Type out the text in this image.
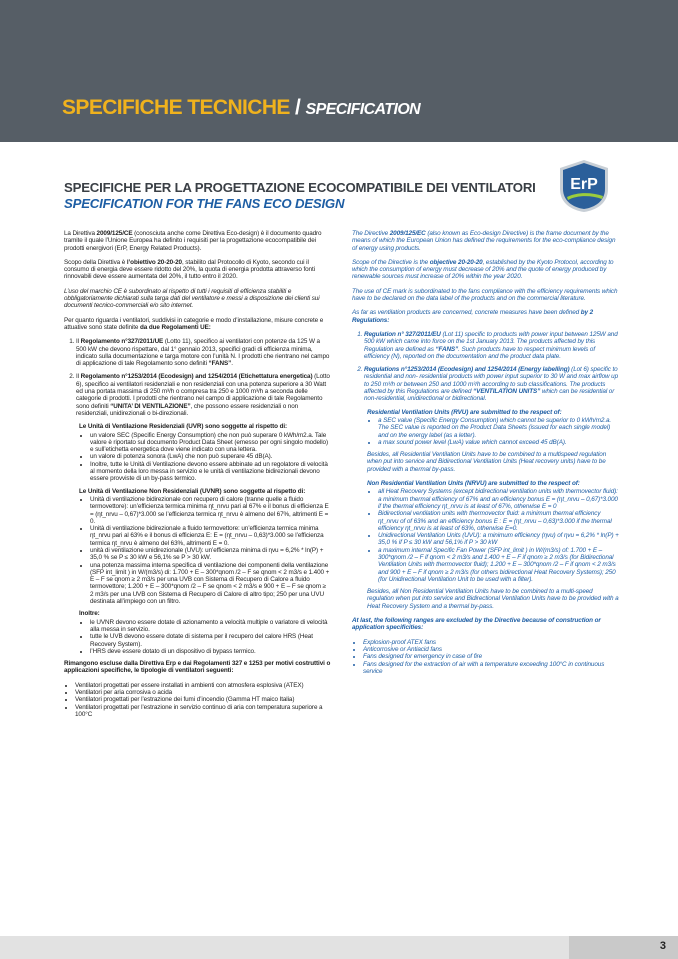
SPECIFICHE TECNICHE / SPECIFICATION
ErP
SPECIFICHE PER LA PROGETTAZIONE ECOCOMPATIBILE DEI VENTILATORI
SPECIFICATION FOR THE FANS ECO DESIGN

La Direttiva 2009/125/CE (conosciuta anche come Direttiva Eco-design) è il documento quadro tramite il quale l’Unione Europea ha definito i requisiti per la progettazione ecocompatibile dei prodotti energivori (ErP, Energy Related Products).

Scopo della Direttiva è l’obiettivo 20-20-20, stabilito dal Protocollo di Kyoto, secondo cui il consumo di energia deve essere ridotto del 20%, la quota di energia prodotta attraverso fonti rinnovabili deve essere aumentata del 20%, il tutto entro il 2020.

L’uso del marchio CE è subordinato al rispetto di tutti i requisiti di efficienza stabiliti e obbligatoriamente dichiarati sulla targa dati del ventilatore e messi a disposizione dei clienti sui documenti tecnico-commerciali e/o sito internet.

Per quanto riguarda i ventilatori, suddivisi in categorie e modo d’installazione, misure concrete e attuative sono state definite da due Regolamenti UE:

1. Il Regolamento n°327/2011/UE (Lotto 11), specifico ai ventilatori con potenze da 125 W a 500 kW che devono rispettare, dal 1° gennaio 2013, specifici gradi di efficienza minima, indicato sulla documentazione e targa motore con l’unità N. I prodotti che rientrano nel campo di applicazione di tale Regolamento sono definiti “FANS”.
2. Il Regolamento n°1253/2014 (Ecodesign) and 1254/2014 (Etichettatura energetica) (Lotto 6), specifico ai ventilatori residenziali e non residenziali con una potenza superiore a 30 Watt ed una portata massima di 250 m³/h o compresa tra 250 e 1000 m³/h a seconda delle categorie di prodotti. I prodotti che rientrano nel campo di applicazione di tale Regolamento sono definiti “UNITA’ DI VENTILAZIONE”, che possono essere residenziali o non residenziali, unidirezionali o bi-direzionali.

Le Unità di Ventilazione Residenziali (UVR) sono soggette al rispetto di:

• un valore SEC (Specific Energy Consumption) che non può superare 0 kWh/m2.a. Tale valore è riportato sul documento Product Data Sheet (emesso per ogni singolo modello) e sull’etichetta energetica dove viene indicato con una lettera.
• un valore di potenza sonora (LwA) che non può superare 45 dB(A).
• Inoltre, tutte le Unità di Ventilazione devono essere abbinate ad un regolatore di velocità al momento della loro messa in servizio e le unità di ventilazione bidirezionali devono essere provviste di un by-pass termico.

Le Unità di Ventilazione Non Residenziali (UVNR) sono soggette al rispetto di:

• Unità di ventilazione bidirezionale con recupero di calore (tranne quelle a fluido termovettore): un’efficienza termica minima ηt_nrvu pari al 67% e il bonus di efficienza E = (ηt_nrvu – 0,67)*3.000 se l’efficienza termica ηt_nrvu è almeno del 67%, altrimenti E = 0.
• Unità di ventilazione bidirezionale a fluido termovettore: un’efficienza termica minima ηt_nrvu pari al 63% e il bonus di efficienza E: E = (ηt_nrvu – 0,63)*3.000 se l’efficienza termica ηt_nrvu è almeno del 63%, altrimenti E = 0.
• unità di ventilazione unidirezionale (UVU): un’efficienza minima di ηvu = 6,2% * ln(P) + 35,0 % se P ≤ 30 kW e 56,1% se P > 30 kW.
• una potenza massima interna specifica di ventilazione dei componenti della ventilazione (SFP int_limit ) in W/(m3/s) di: 1.700 + E – 300*qnom /2 – F se qnom < 2 m3/s e 1.400 + E – F se qnom ≥ 2 m3/s per una UVB con Sistema di Recupero di Calore a fluido termovettore; 1.200 + E – 300*qnom /2 – F se qnom < 2 m3/s e 900 + E – F se qnom ≥ 2 m3/s per una UVB con Sistema di Recupero di Calore di altro tipo; 250 per una UVU destinata all’impiego con un filtro.

Inoltre:

• le UVNR devono essere dotate di azionamento a velocità multiple o variatore di velocità alla messa in servizio.
• tutte le UVB devono essere dotate di sistema per il recupero del calore HRS (Heat Recovery System).
• l’HRS deve essere dotato di un dispositivo di bypass termico.

Rimangono escluse dalla Direttiva Erp e dai Regolamenti 327 e 1253 per motivi costruttivi o applicazioni specifiche, le tipologie di ventilatori seguenti:

• Ventilatori progettati per essere installati in ambienti con atmosfera esplosiva (ATEX)
• Ventilatori per aria corrosiva o acida
• Ventilatori progettati per l’estrazione dei fumi d’incendio (Gamma HT maico Italia)
• Ventilatori progettati per l’estrazione in servizio continuo di aria con temperatura superiore a 100°C

The Directive 2009/125/EC (also known as Eco-design Directive) is the frame document by the means of which the European Union has defined the requirements for the eco-compliance design of energy using products.

Scope of the Directive is the objective 20-20-20, established by the Kyoto Protocol, according to which the consumption of energy must decrease of 20% and the quote of energy produced by renewable sources must increase of 20% within the year 2020.

The use of CE mark is subordinated to the fans compliance with the efficiency requirements which have to be declared on the data label of the products and on the commercial literature.

As far as ventilation products are concerned, concrete measures have been defined by 2 Regulations:

1. Regulation n° 327/2011/EU (Lot 11) specific to products with power input between 125W and 500 kW which came into force on the 1st January 2013. The products affected by this Regulation are defined as “FANS”. Such products have to respect minimum levels of efficiency (N), reported on the documentation and the product data plate.
2. Regulations n°1253/2014 (Ecodesign) and 1254/2014 (Energy labelling) (Lot 6) specific to residential and non- residential products with power input superior to 30 W and max airflow up to 250 m³/h or between 250 and 1000 m³/h according to sub classifications. The products affected by this Regulations are defined “VENTILATION UNITS” which can be residential or non-residential, unidirectional or bidirectional.

Residential Ventilation Units (RVU) are submitted to the respect of:

• a SEC value (Specific Energy Consumption) which cannot be superior to 0 kWh/m2.a. The SEC value is reported on the Product Data Sheets (issued for each single model) and on the energy label (as a letter).
• a max sound power level (LwA) value which cannot exceed 45 dB(A).

Besides, all Residential Ventilation Units have to be combined to a multispeed regulation when put into service and Bidirectional Ventilation Units (Heat recovery units) have to be provided with a thermal by-pass.

Non Residential Ventilation Units (NRVU) are submitted to the respect of:

• all Heat Recovery Systems (except bidirectional ventilation units with thermovector fluid): a minimum thermal efficiency of 67% and an efficiency bonus E = (ηt_nrvu – 0,67)*3.000 if the thermal efficiency ηt_nrvu is at least of 67%, otherwise E = 0
• Bidirectional ventilation units with thermovector fluid: a minimum thermal efficiency ηt_nrvu of of 63% and an efficiency bonus E : E = (ηt_nrvu – 0,63)*3.000 if the thermal efficiency ηt_nrvu is at least of 63%, otherwise E=0.
• Unidirectional Ventilation Units (UVU): a minimum efficiency (ηvu) of ηvu = 6,2% * ln(P) + 35,0 % if P ≤ 30 kW and 56,1% if P > 30 kW
• a maximum internal Specific Fan Power (SFP int_limit ) in W/(m3/s) of: 1.700 + E – 300*qnom /2 – F if qnom < 2 m3/s and 1.400 + E – F if qnom ≥ 2 m3/s (for Bidirectional Ventilation Units with thermovector fluid); 1.200 + E – 300*qnom /2 – F if qnom < 2 m3/s and 900 + E – F if qnom ≥ 2 m3/s (for others bidirectional Heat Recovery Systems); 250 (for Unidirectional Ventilation Unit to be used with a filter).

Besides, all Non Residential Ventilation Units have to be combined to a multi-speed regulation when put into service and Bidirectional Ventilation Units have to be provided with a Heat Recovery System and a thermal by-pass.

At last, the following ranges are excluded by the Directive because of construction or application specificities:

• Explosion-proof ATEX fans
• Anticorrosive or Antiacid fans
• Fans designed for emergency in case of fire
• Fans designed for the extraction of air with a temperature exceeding 100°C in continuous service
3
